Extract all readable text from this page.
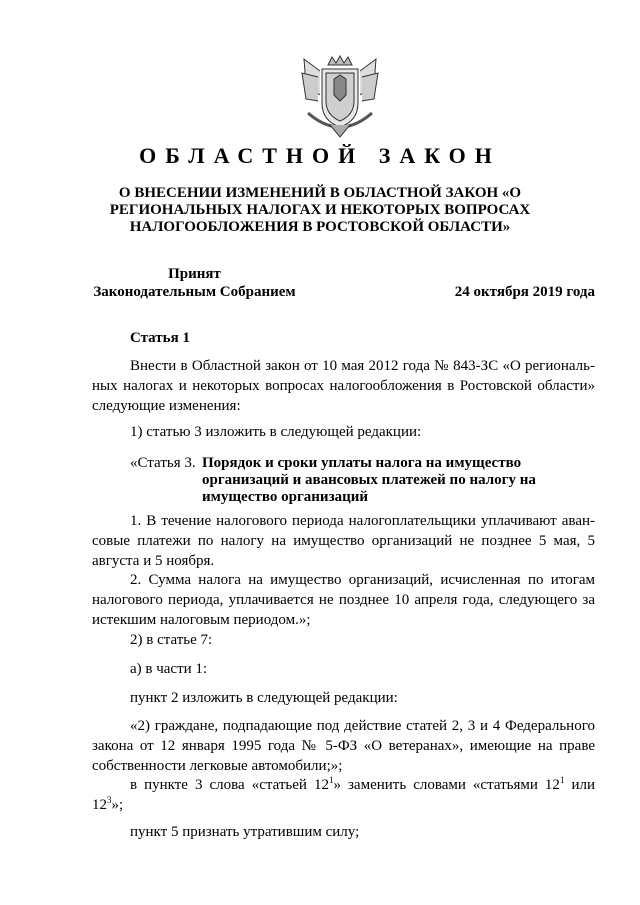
ОБЛАСТНОЙ ЗАКОН
О ВНЕСЕНИИ ИЗМЕНЕНИЙ В ОБЛАСТНОЙ ЗАКОН «О РЕГИОНАЛЬНЫХ НАЛОГАХ И НЕКОТОРЫХ ВОПРОСАХ НАЛОГООБЛОЖЕНИЯ В РОСТОВСКОЙ ОБЛАСТИ»
Принят
Законодательным Собранием	24 октября 2019 года
Статья 1

Внести в Областной закон от 10 мая 2012 года № 843-ЗС «О региональ-ных налогах и некоторых вопросах налогообложения в Ростовской области» следующие изменения:

1) статью 3 изложить в следующей редакции:

«Статья 3. Порядок и сроки уплаты налога на имущество организаций и авансовых платежей по налогу на имущество организаций

1. В течение налогового периода налогоплательщики уплачивают аван-совые платежи по налогу на имущество организаций не позднее 5 мая, 5 августа и 5 ноября.

2. Сумма налога на имущество организаций, исчисленная по итогам налогового периода, уплачивается не позднее 10 апреля года, следующего за истекшим налоговым периодом.»;

2) в статье 7:

а) в части 1:

пункт 2 изложить в следующей редакции:

«2) граждане, подпадающие под действие статей 2, 3 и 4 Федерального закона от 12 января 1995 года № 5-ФЗ «О ветеранах», имеющие на праве собственности легковые автомобили;»;

в пункте 3 слова «статьей $12^1$» заменить словами «статьями $12^1$ или $12^3$»;

пункт 5 признать утратившим силу;
